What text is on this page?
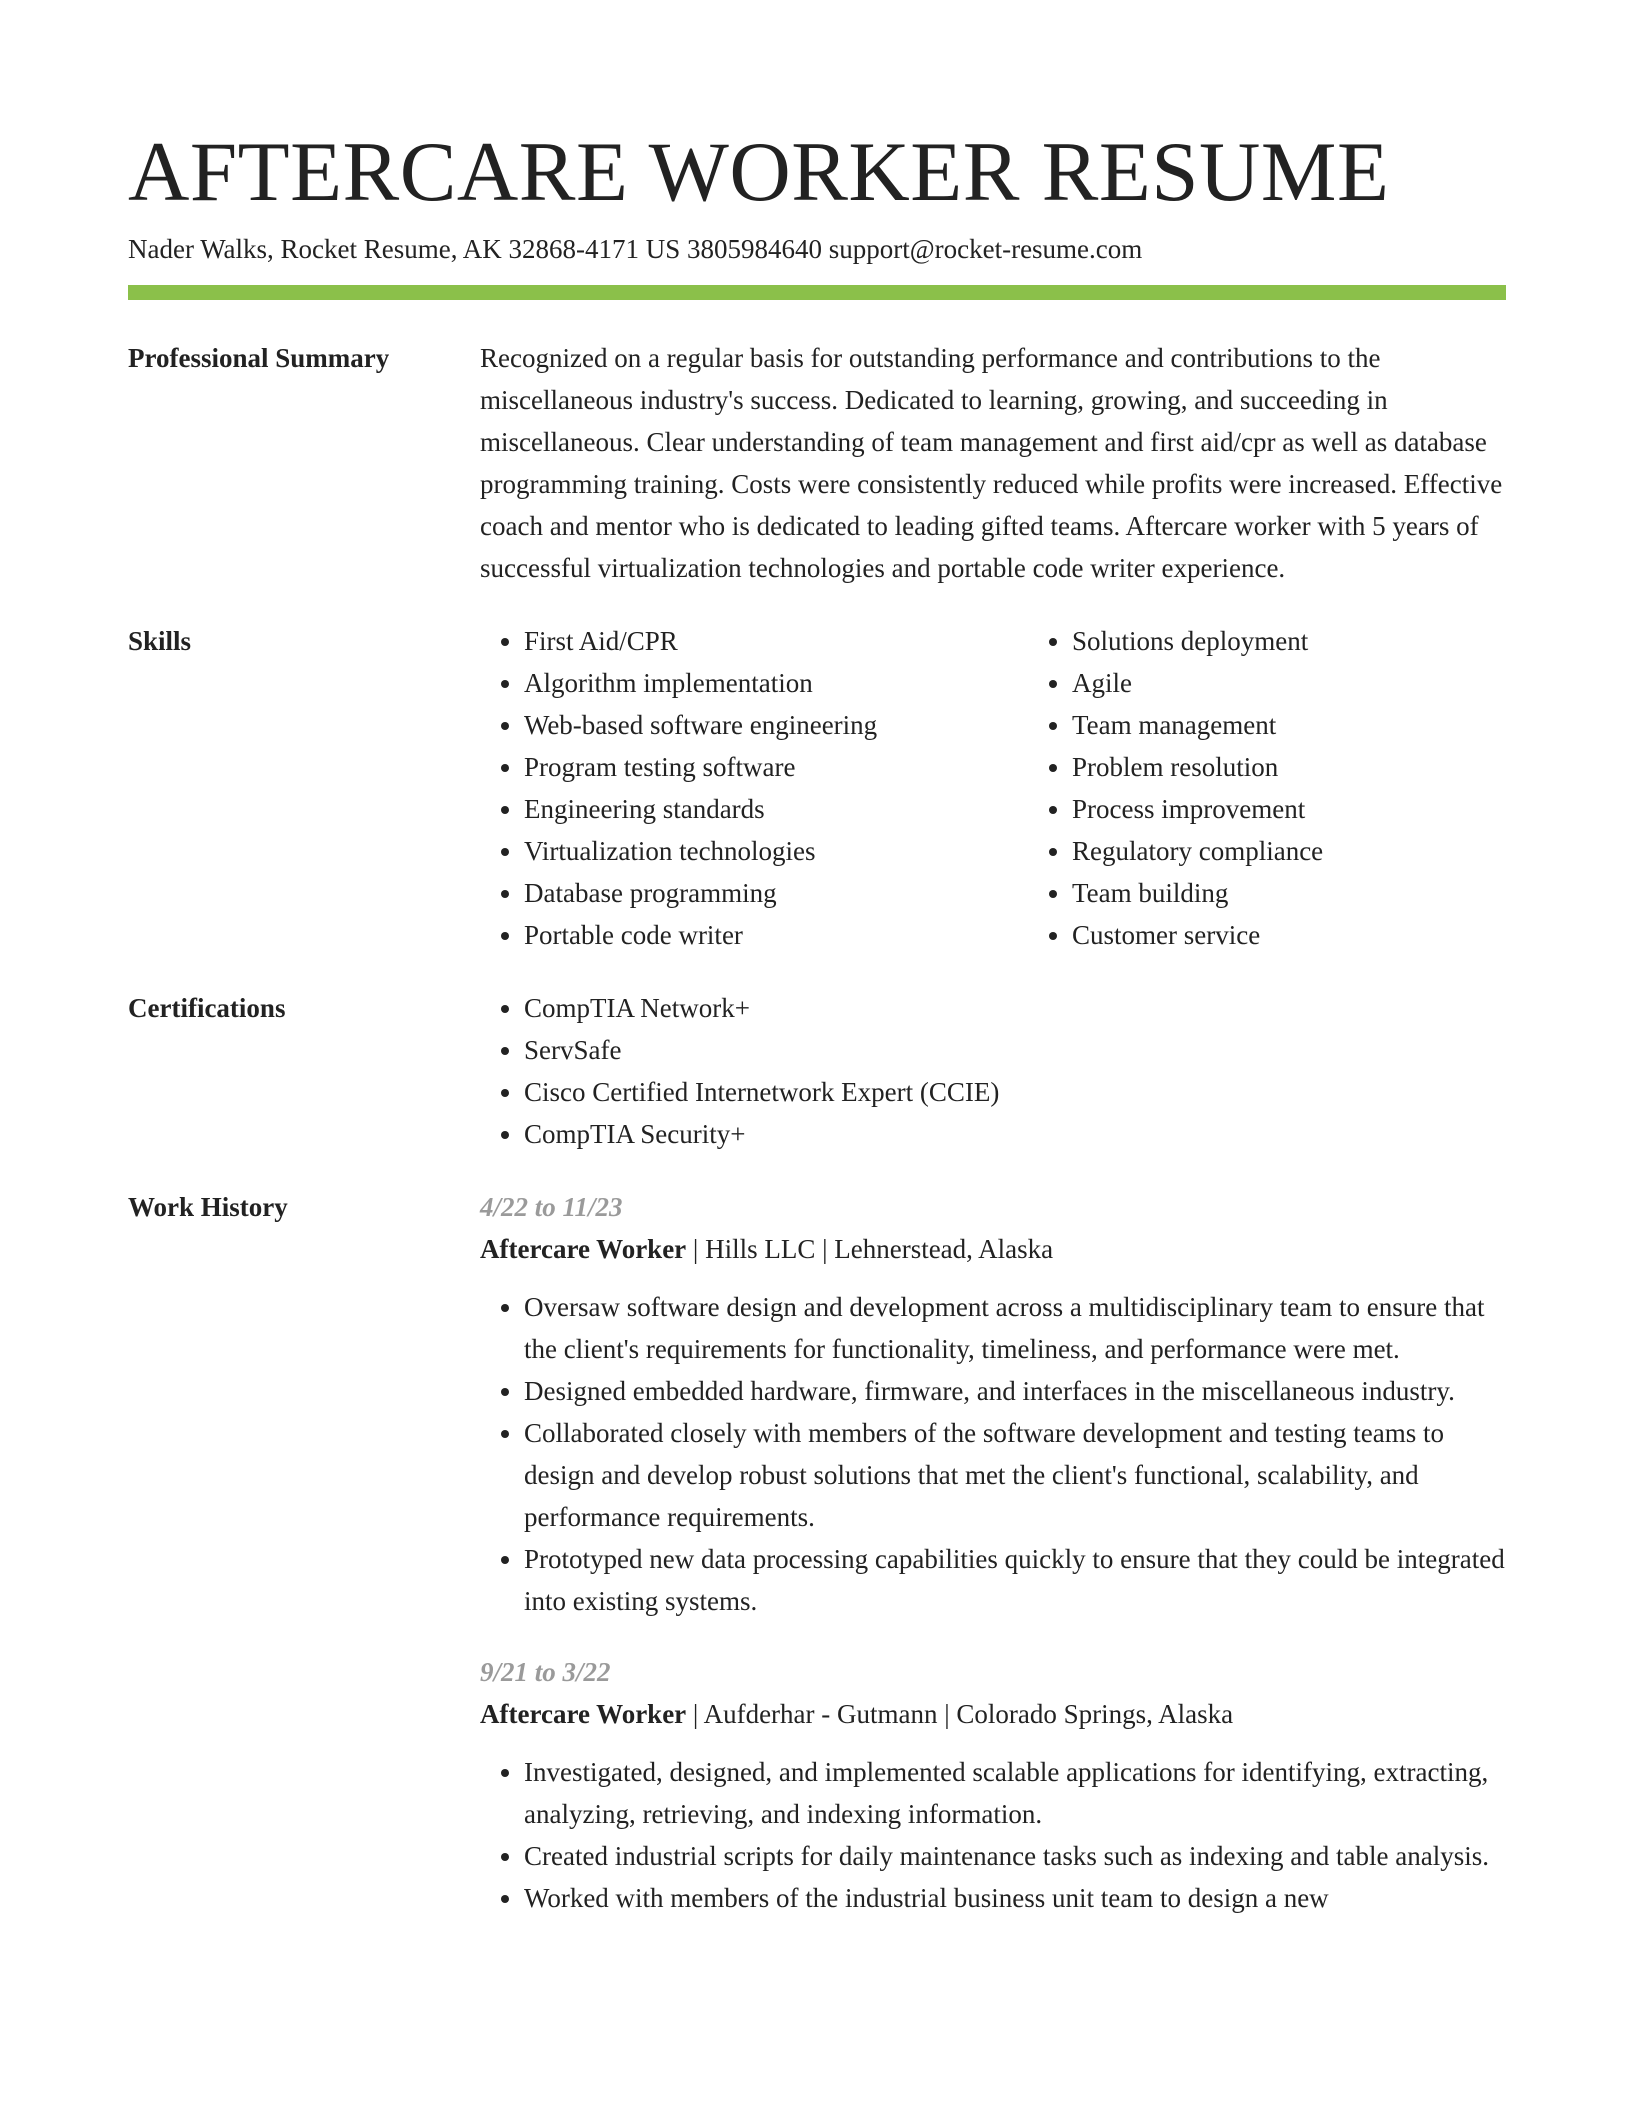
AFTERCARE WORKER RESUME
Nader Walks, Rocket Resume, AK 32868-4171 US 3805984640 support@rocket-resume.com
Professional Summary	Recognized on a regular basis for outstanding performance and contributions to the miscellaneous industry's success. Dedicated to learning, growing, and succeeding in miscellaneous. Clear understanding of team management and first aid/cpr as well as database programming training. Costs were consistently reduced while profits were increased. Effective coach and mentor who is dedicated to leading gifted teams. Aftercare worker with 5 years of successful virtualization technologies and portable code writer experience.
Skills	• First Aid/CPR
• Algorithm implementation
• Web-based software engineering
• Program testing software
• Engineering standards
• Virtualization technologies
• Database programming
• Portable code writer
• Solutions deployment
• Agile
• Team management
• Problem resolution
• Process improvement
• Regulatory compliance
• Team building
• Customer service
Certifications	• CompTIA Network+
• ServSafe
• Cisco Certified Internetwork Expert (CCIE)
• CompTIA Security+
Work History	4/22 to 11/23
Aftercare Worker | Hills LLC | Lehnerstead, Alaska
• Oversaw software design and development across a multidisciplinary team to ensure that the client's requirements for functionality, timeliness, and performance were met.
• Designed embedded hardware, firmware, and interfaces in the miscellaneous industry.
• Collaborated closely with members of the software development and testing teams to design and develop robust solutions that met the client's functional, scalability, and performance requirements.
• Prototyped new data processing capabilities quickly to ensure that they could be integrated into existing systems.
9/21 to 3/22
Aftercare Worker | Aufderhar - Gutmann | Colorado Springs, Alaska
• Investigated, designed, and implemented scalable applications for identifying, extracting, analyzing, retrieving, and indexing information.
• Created industrial scripts for daily maintenance tasks such as indexing and table analysis.
• Worked with members of the industrial business unit team to design a new
